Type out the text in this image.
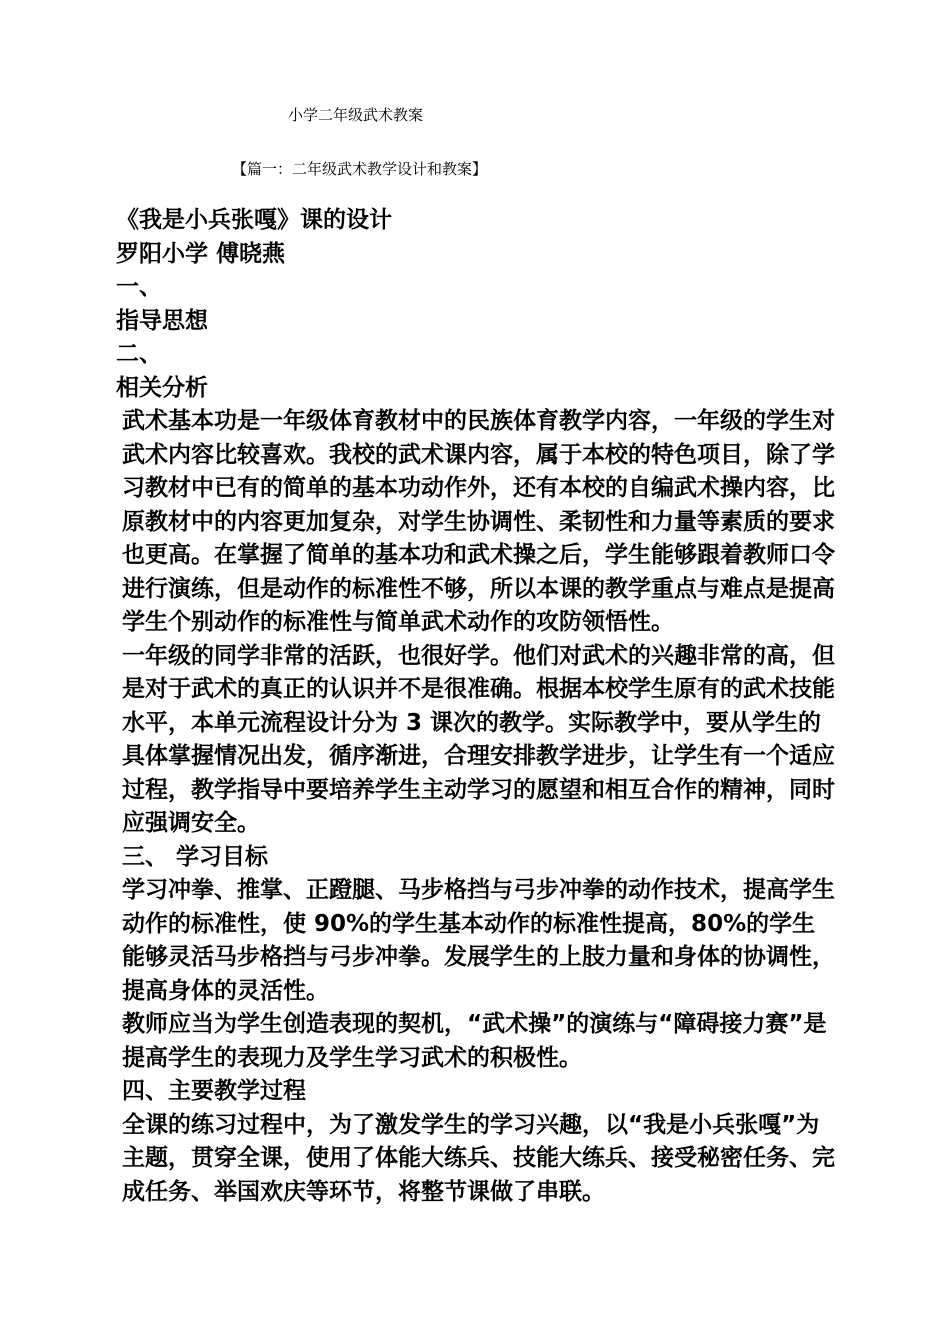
小学二年级武术教案
【篇一：二年级武术教学设计和教案】
《我是小兵张嘎》课的设计
罗阳小学 傅晓燕
一、
指导思想
二、
相关分析

武术基本功是一年级体育教材中的民族体育教学内容，一年级的学生对武术内容比较喜欢。我校的武术课内容，属于本校的特色项目，除了学习教材中已有的简单的基本功动作外，还有本校的自编武术操内容，比原教材中的内容更加复杂，对学生协调性、柔韧性和力量等素质的要求也更高。在掌握了简单的基本功和武术操之后，学生能够跟着教师口令进行演练，但是动作的标准性不够，所以本课的教学重点与难点是提高学生个别动作的标准性与简单武术动作的攻防领悟性。

一年级的同学非常的活跃，也很好学。他们对武术的兴趣非常的高，但是对于武术的真正的认识并不是很准确。根据本校学生原有的武术技能水平，本单元流程设计分为 3 课次的教学。实际教学中，要从学生的具体掌握情况出发，循序渐进，合理安排教学进步，让学生有一个适应过程，教学指导中要培养学生主动学习的愿望和相互合作的精神，同时应强调安全。

三、 学习目标

学习冲拳、推掌、正蹬腿、马步格挡与弓步冲拳的动作技术，提高学生动作的标准性，使 90%的学生基本动作的标准性提高，80%的学生能够灵活马步格挡与弓步冲拳。发展学生的上肢力量和身体的协调性，提高身体的灵活性。

教师应当为学生创造表现的契机，“武术操”的演练与“障碍接力赛”是提高学生的表现力及学生学习武术的积极性。

四、主要教学过程

全课的练习过程中，为了激发学生的学习兴趣，以“我是小兵张嘎”为主题，贯穿全课，使用了体能大练兵、技能大练兵、接受秘密任务、完成任务、举国欢庆等环节，将整节课做了串联。
